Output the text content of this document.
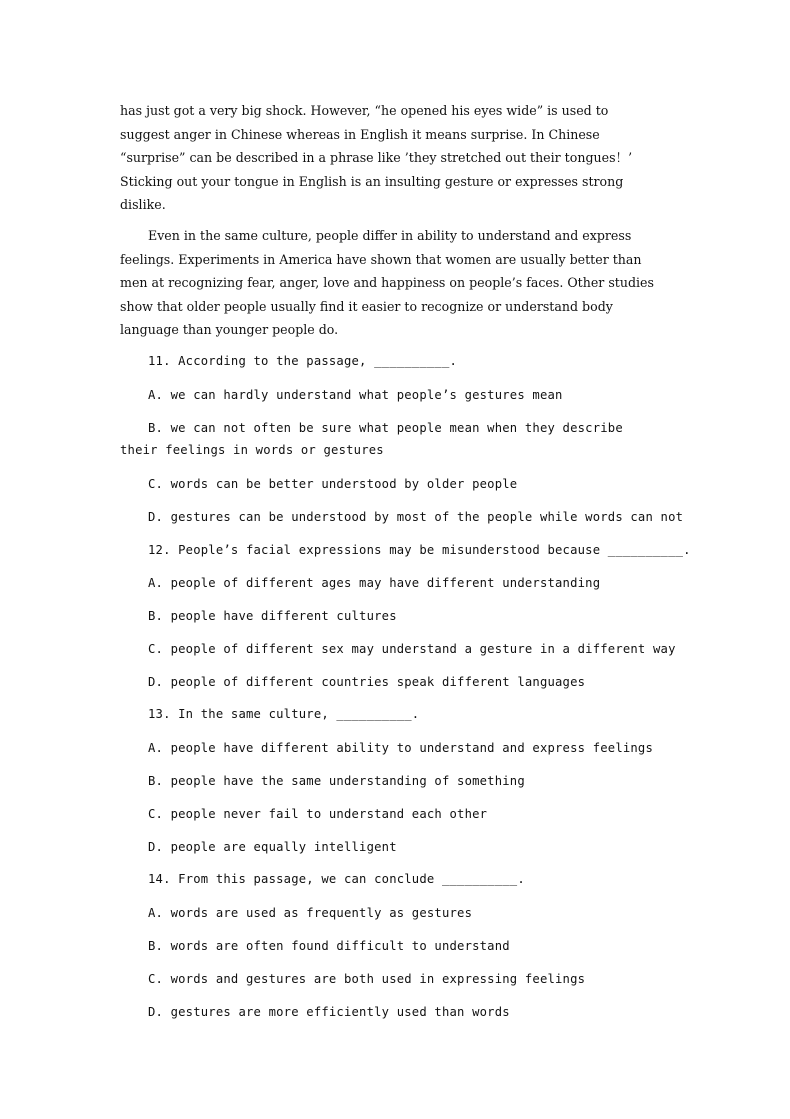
has just got a very big shock. However, “he opened his eyes wide” is used to suggest anger in Chinese whereas in English it means surprise. In Chinese “surprise” can be described in a phrase like ’they stretched out their tongues！’ Sticking out your tongue in English is an insulting gesture or expresses strong dislike.
Even in the same culture, people differ in ability to understand and express feelings. Experiments in America have shown that women are usually better than men at recognizing fear, anger, love and happiness on people’s faces. Other studies show that older people usually find it easier to recognize or understand body language than younger people do.
11. According to the passage, __________.
A. we can hardly understand what people’s gestures mean
B. we can not often be sure what people mean when they describe their feelings in words or gestures
C. words can be better understood by older people
D. gestures can be understood by most of the people while words can not
12. People’s facial expressions may be misunderstood because __________.
A. people of different ages may have different understanding
B. people have different cultures
C. people of different sex may understand a gesture in a different way
D. people of different countries speak different languages
13. In the same culture, __________.
A. people have different ability to understand and express feelings
B. people have the same understanding of something
C. people never fail to understand each other
D. people are equally intelligent
14. From this passage, we can conclude __________.
A. words are used as frequently as gestures
B. words are often found difficult to understand
C. words and gestures are both used in expressing feelings
D. gestures are more efficiently used than words
